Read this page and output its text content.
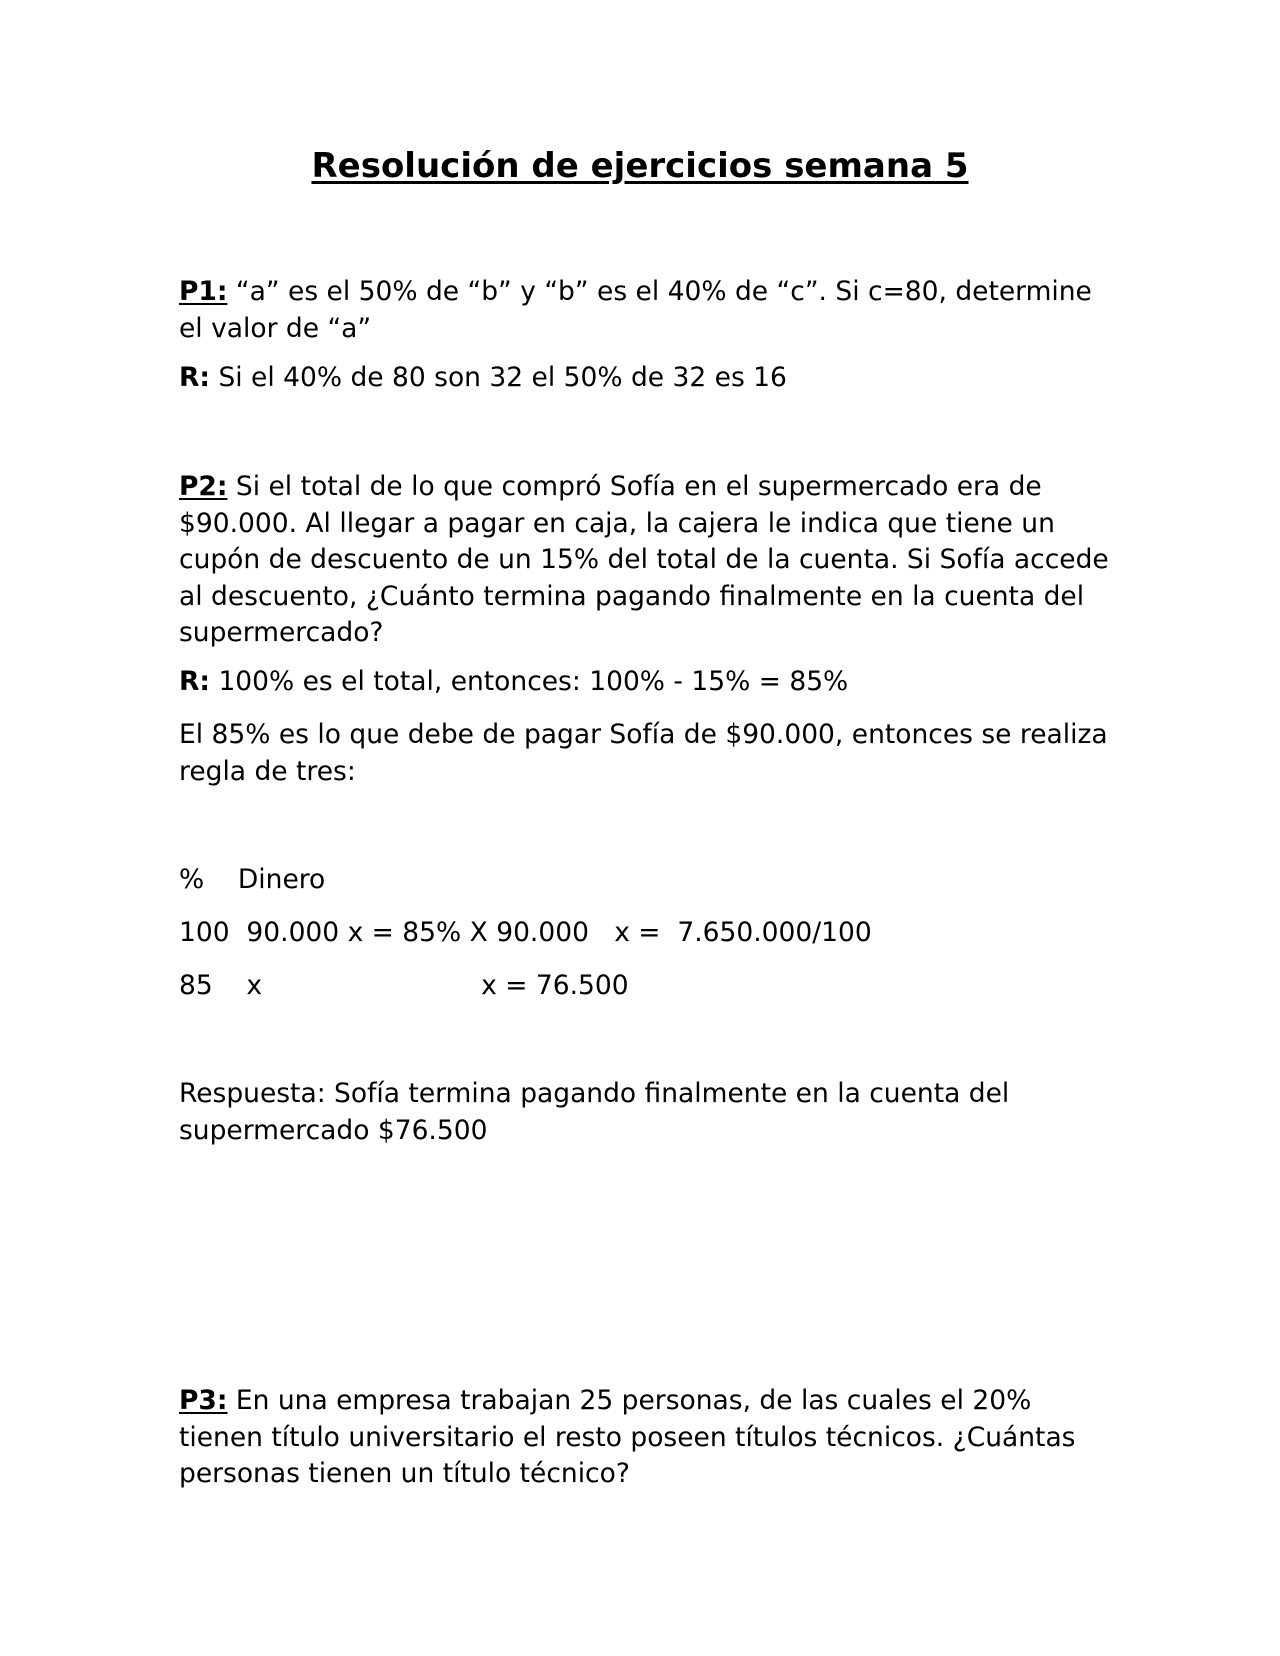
Resolución de ejercicios semana 5

P1: “a” es el 50% de “b” y “b” es el 40% de “c”. Si c=80, determine el valor de “a”

R: Si el 40% de 80 son 32 el 50% de 32 es 16

P2: Si el total de lo que compró Sofía en el supermercado era de $90.000. Al llegar a pagar en caja, la cajera le indica que tiene un cupón de descuento de un 15% del total de la cuenta. Si Sofía accede al descuento, ¿Cuánto termina pagando finalmente en la cuenta del supermercado?

R: 100% es el total, entonces: 100% - 15% = 85%

El 85% es lo que debe de pagar Sofía de $90.000, entonces se realiza regla de tres:

%    Dinero

100  90.000 x = 85% X 90.000   x =  7.650.000/100

85    x                          x = 76.500

Respuesta: Sofía termina pagando finalmente en la cuenta del supermercado $76.500

P3: En una empresa trabajan 25 personas, de las cuales el 20% tienen título universitario el resto poseen títulos técnicos. ¿Cuántas personas tienen un título técnico?
